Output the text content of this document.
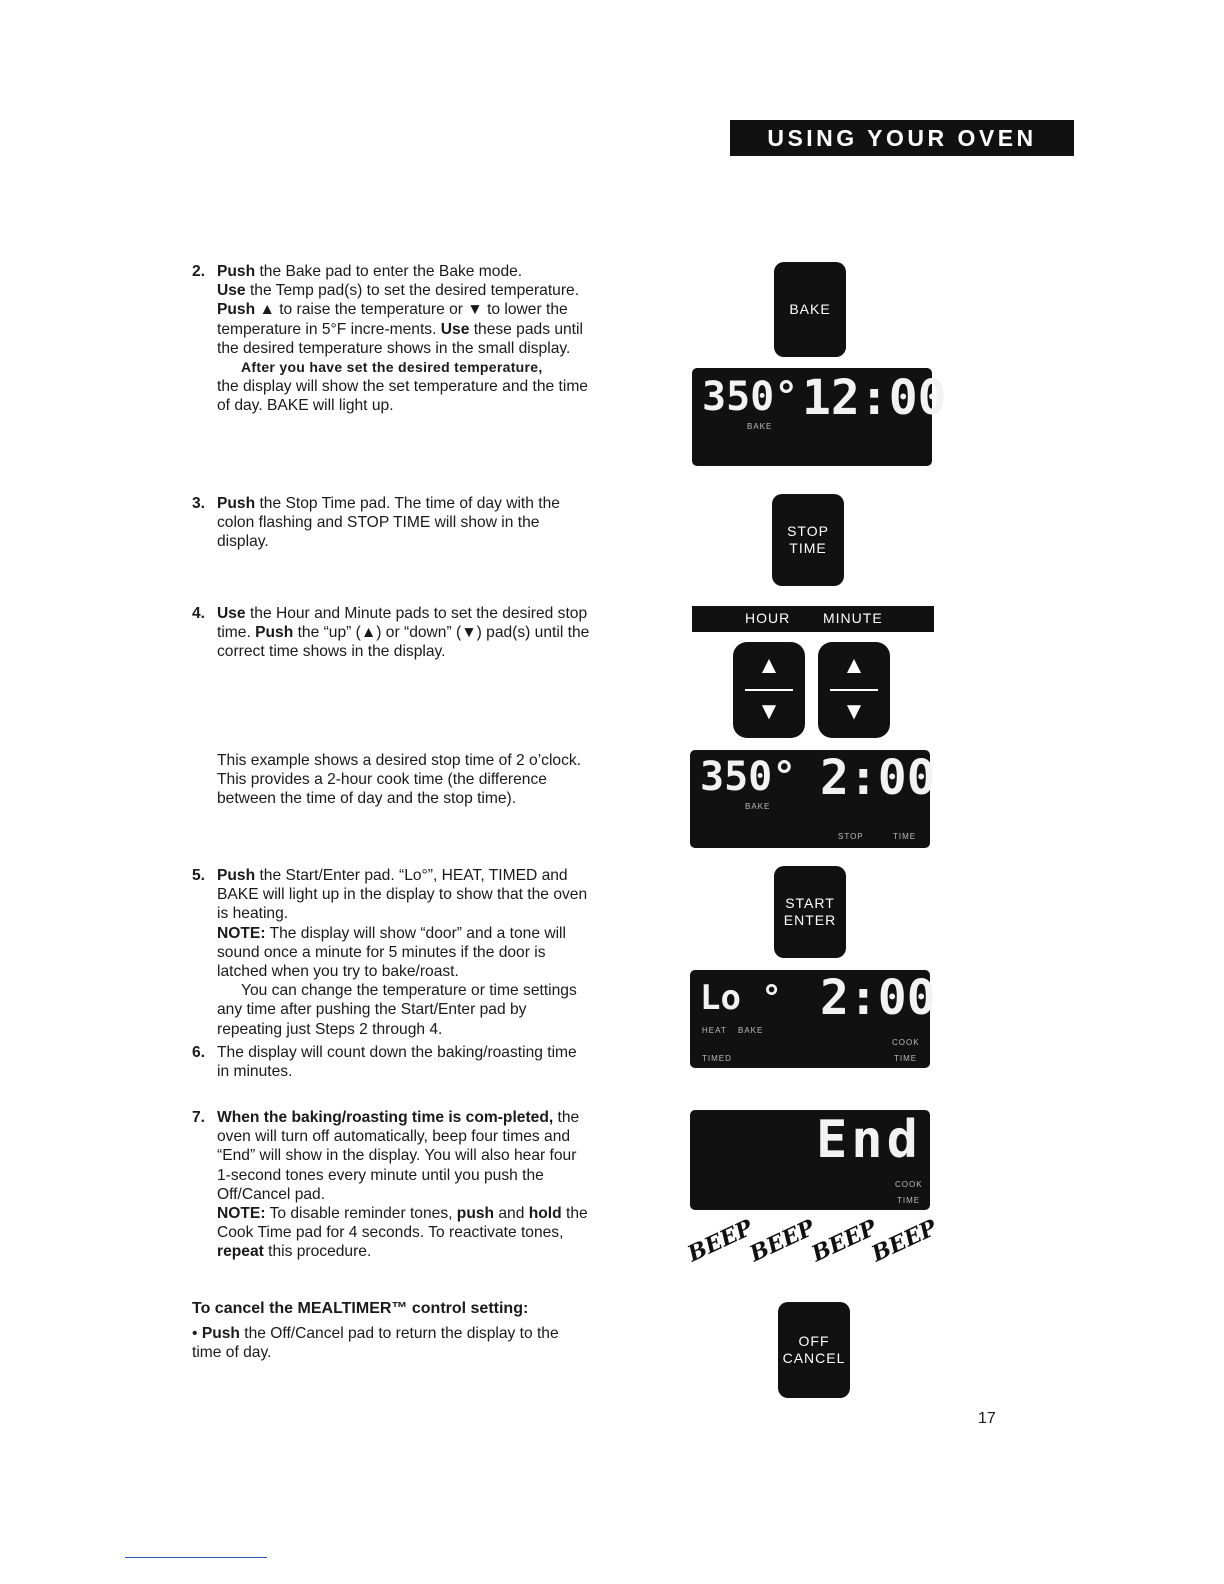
USING YOUR OVEN
2. Push the Bake pad to enter the Bake mode.
Use the Temp pad(s) to set the desired temperature. Push ▲ to raise the temperature or ▼ to lower the temperature in 5°F incre-ments. Use these pads until the desired temperature shows in the small display.
After you have set the desired temperature,
the display will show the set temperature and the time of day. BAKE will light up.
3. Push the Stop Time pad. The time of day with the colon flashing and STOP TIME will show in the display.
4. Use the Hour and Minute pads to set the desired stop time. Push the “up” (▲) or “down” (▼) pad(s) until the correct time shows in the display.
This example shows a desired stop time of 2 o’clock. This provides a 2-hour cook time (the difference between the time of day and the stop time).
5. Push the Start/Enter pad. “Lo°”, HEAT, TIMED and BAKE will light up in the display to show that the oven is heating.
NOTE: The display will show “door” and a tone will sound once a minute for 5 minutes if the door is latched when you try to bake/roast.
You can change the temperature or time settings any time after pushing the Start/Enter pad by repeating just Steps 2 through 4.
6. The display will count down the baking/roasting time in minutes.
7. When the baking/roasting time is com-pleted, the oven will turn off automatically, beep four times and “End” will show in the display. You will also hear four 1-second tones every minute until you push the Off/Cancel pad.
NOTE: To disable reminder tones, push and hold the Cook Time pad for 4 seconds. To reactivate tones, repeat this procedure.
To cancel the MEALTIMER™ control setting:
• Push the Off/Cancel pad to return the display to the time of day.
BAKE
350° 12:00
BAKE
STOP
TIME
HOUR MINUTE
▲
▼
▲
▼
350° 2:00
BAKE
STOP	TIME
START
ENTER
Lo ° 2:00
HEAT BAKE
TIMED
COOK
TIME
End
COOK
TIME
BEEP
BEEP
BEEP
BEEP
OFF
CANCEL
17
